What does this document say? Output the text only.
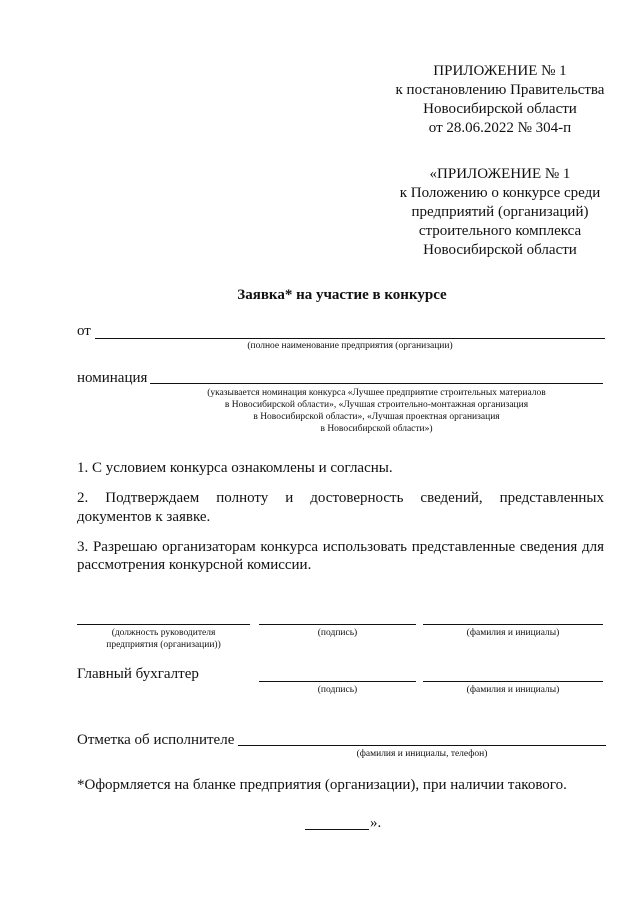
ПРИЛОЖЕНИЕ № 1
к постановлению Правительства
Новосибирской области
от 28.06.2022 № 304-п
«ПРИЛОЖЕНИЕ № 1
к Положению о конкурсе среди
предприятий (организаций)
строительного комплекса
Новосибирской области
Заявка* на участие в конкурсе
от
(полное наименование предприятия (организации)
номинация
(указывается номинация конкурса «Лучшее предприятие строительных материалов
в Новосибирской области», «Лучшая строительно-монтажная организация
в Новосибирской области», «Лучшая проектная организация
в Новосибирской области»)
1. С условием конкурса ознакомлены и согласны.
2. Подтверждаем полноту и достоверность сведений, представленных
документов к заявке.
3. Разрешаю организаторам конкурса использовать представленные сведения для
рассмотрения конкурсной комиссии.
(должность руководителя
предприятия (организации))
(подпись)	(фамилия и инициалы)
Главный бухгалтер
(подпись)	(фамилия и инициалы)
Отметка об исполнителе
(фамилия и инициалы, телефон)
*Оформляется на бланке предприятия (организации), при наличии такового.
».
